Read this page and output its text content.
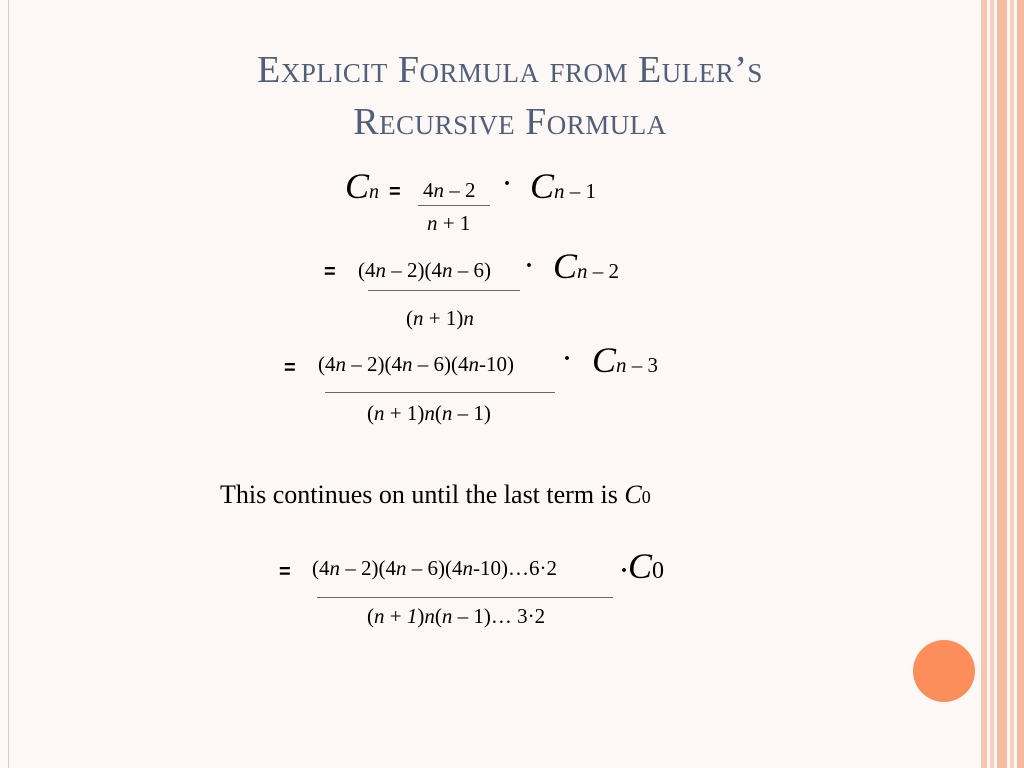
Explicit Formula from Euler’s
Recursive Formula
Cn = 4n – 2
n + 1
· Cn – 1
= (4n – 2)(4n – 6)
(n + 1)n
· Cn – 2
= (4n – 2)(4n – 6)(4n-10)
(n + 1)n(n – 1)
· Cn – 3
This continues on until the last term is C0
= (4n – 2)(4n – 6)(4n-10)…6·2
(n + 1)n(n – 1)… 3·2
·C0
